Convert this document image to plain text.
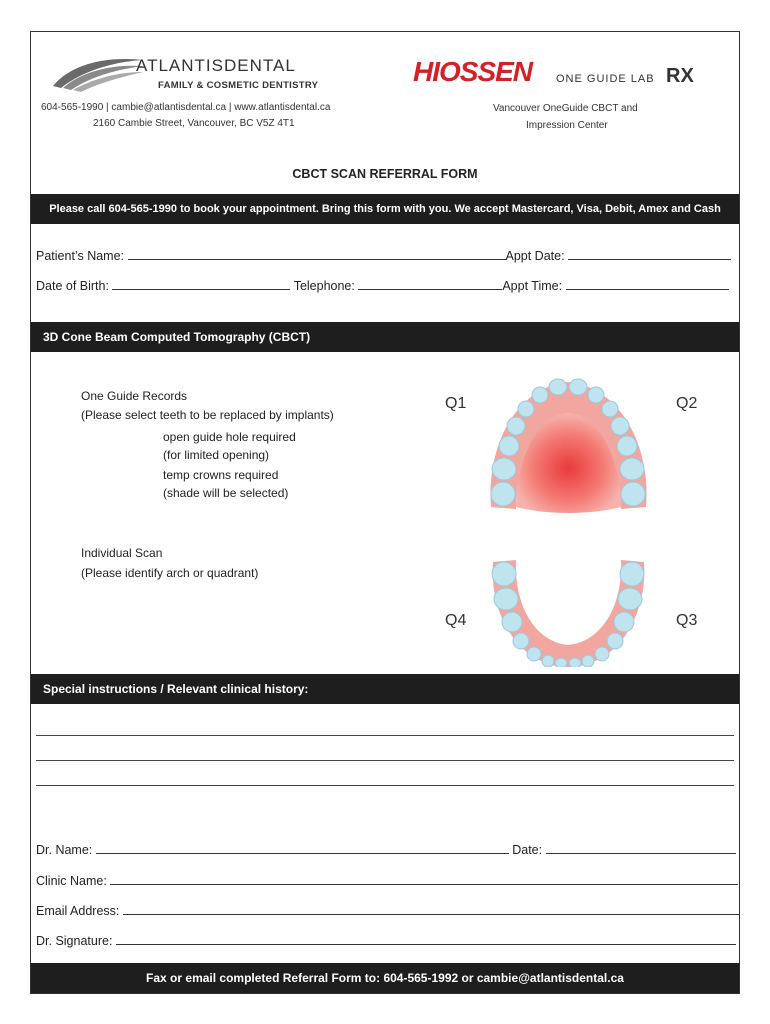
ATLANTISDENTAL
FAMILY & COSMETIC DENTISTRY
604-565-1990 | cambie@atlantisdental.ca | www.atlantisdental.ca
2160 Cambie Street, Vancouver, BC V5Z 4T1
HIOSSEN ONE GUIDE LAB RX
Vancouver OneGuide CBCT and
Impression Center
CBCT SCAN REFERRAL FORM
Please call 604-565-1990 to book your appointment. Bring this form with you. We accept Mastercard, Visa, Debit, Amex and Cash
Patient’s Name:	Appt Date:
Date of Birth:	Telephone:	Appt Time:
3D Cone Beam Computed Tomography (CBCT)
One Guide Records
(Please select teeth to be replaced by implants)
open guide hole required
(for limited opening)
temp crowns required
(shade will be selected)
Individual Scan
(Please identify arch or quadrant)
Q1	Q2
Q4	Q3
Special instructions / Relevant clinical history:
Dr. Name:	Date:
Clinic Name:
Email Address:
Dr. Signature:
Fax or email completed Referral Form to: 604-565-1992 or cambie@atlantisdental.ca
